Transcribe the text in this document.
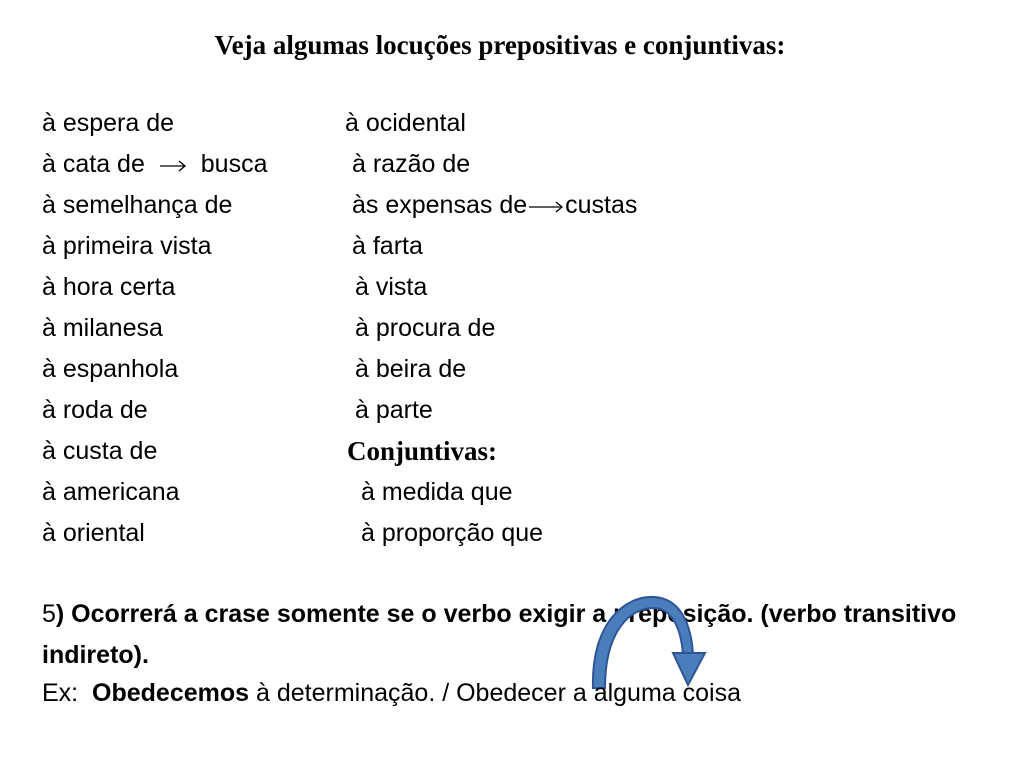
Veja algumas locuções prepositivas e conjuntivas:
à espera de
à cata de busca
à semelhança de
à primeira vista
à hora certa
à milanesa
à espanhola
à roda de
à custa de
à americana
à oriental
à ocidental
à razão de
às expensas de custas
à farta
à vista
à procura de
à beira de
à parte
Conjuntivas:
à medida que
à proporção que
5) Ocorrerá a crase somente se o verbo exigir a preposição. (verbo transitivo indireto).
Ex: Obedecemos à determinação. / Obedecer a alguma coisa
